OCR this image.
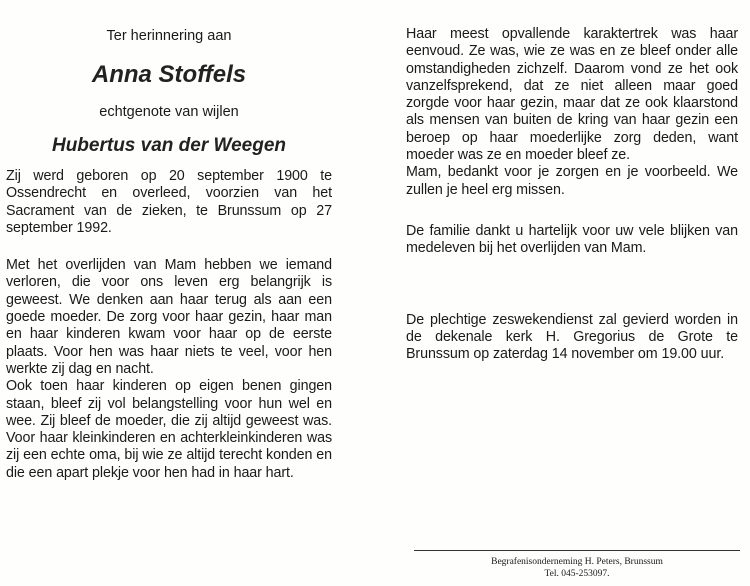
Ter herinnering aan

Anna Stoffels

echtgenote van wijlen

Hubertus van der Weegen

Zij werd geboren op 20 september 1900 te Ossendrecht en overleed, voorzien van het Sacrament van de zieken, te Brunssum op 27 september 1992.

Met het overlijden van Mam hebben we iemand verloren, die voor ons leven erg belangrijk is geweest. We denken aan haar terug als aan een goede moeder. De zorg voor haar gezin, haar man en haar kinderen kwam voor haar op de eerste plaats. Voor hen was haar niets te veel, voor hen werkte zij dag en nacht.

Ook toen haar kinderen op eigen benen gingen staan, bleef zij vol belangstelling voor hun wel en wee. Zij bleef de moeder, die zij altijd geweest was. Voor haar kleinkinderen en achterkleinkinderen was zij een echte oma, bij wie ze altijd terecht konden en die een apart plekje voor hen had in haar hart.

Haar meest opvallende karaktertrek was haar eenvoud. Ze was, wie ze was en ze bleef onder alle omstandigheden zichzelf. Daarom vond ze het ook vanzelfsprekend, dat ze niet alleen maar goed zorgde voor haar gezin, maar dat ze ook klaarstond als mensen van buiten de kring van haar gezin een beroep op haar moederlijke zorg deden, want moeder was ze en moeder bleef ze.

Mam, bedankt voor je zorgen en je voorbeeld. We zullen je heel erg missen.

De familie dankt u hartelijk voor uw vele blijken van medeleven bij het overlijden van Mam.

De plechtige zeswekendienst zal gevierd worden in de dekenale kerk H. Gregorius de Grote te Brunssum op zaterdag 14 november om 19.00 uur.

Begrafenisonderneming H. Peters, Brunssum
Tel. 045-253097.
